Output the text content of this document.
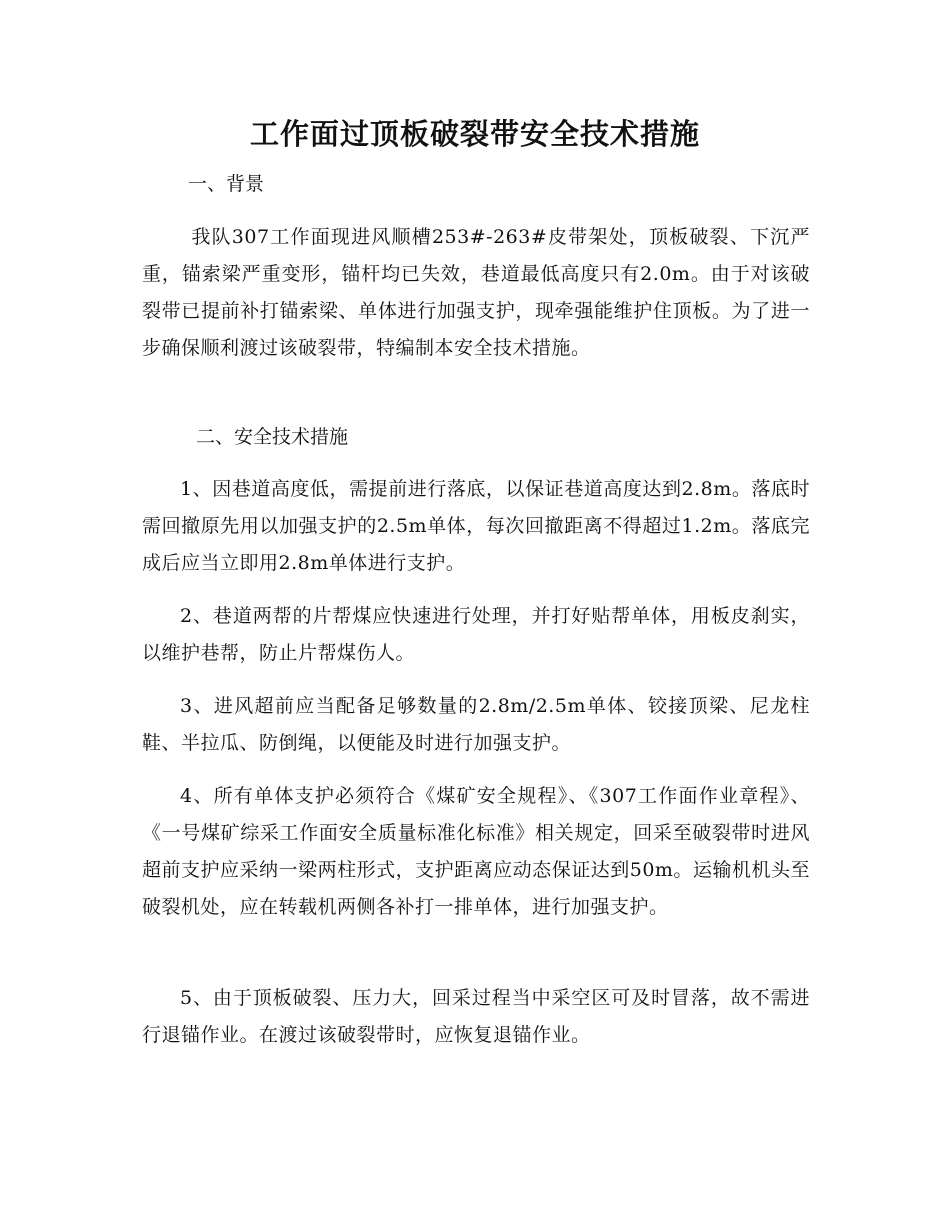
工作面过顶板破裂带安全技术措施

一、背景

我队307工作面现进风顺槽253#-263#皮带架处，顶板破裂、下沉严重，锚索梁严重变形，锚杆均已失效，巷道最低高度只有2.0m。由于对该破裂带已提前补打锚索梁、单体进行加强支护，现牵强能维护住顶板。为了进一步确保顺利渡过该破裂带，特编制本安全技术措施。

二、安全技术措施

1、因巷道高度低，需提前进行落底，以保证巷道高度达到2.8m。落底时需回撤原先用以加强支护的2.5m单体，每次回撤距离不得超过1.2m。落底完成后应当立即用2.8m单体进行支护。

2、巷道两帮的片帮煤应快速进行处理，并打好贴帮单体，用板皮刹实，以维护巷帮，防止片帮煤伤人。

3、进风超前应当配备足够数量的2.8m/2.5m单体、铰接顶梁、尼龙柱鞋、半拉瓜、防倒绳，以便能及时进行加强支护。

4、所有单体支护必须符合《煤矿安全规程》、《307工作面作业章程》、《一号煤矿综采工作面安全质量标准化标准》相关规定，回采至破裂带时进风超前支护应采纳一梁两柱形式，支护距离应动态保证达到50m。运输机机头至破裂机处，应在转载机两侧各补打一排单体，进行加强支护。

5、由于顶板破裂、压力大，回采过程当中采空区可及时冒落，故不需进行退锚作业。在渡过该破裂带时，应恢复退锚作业。
